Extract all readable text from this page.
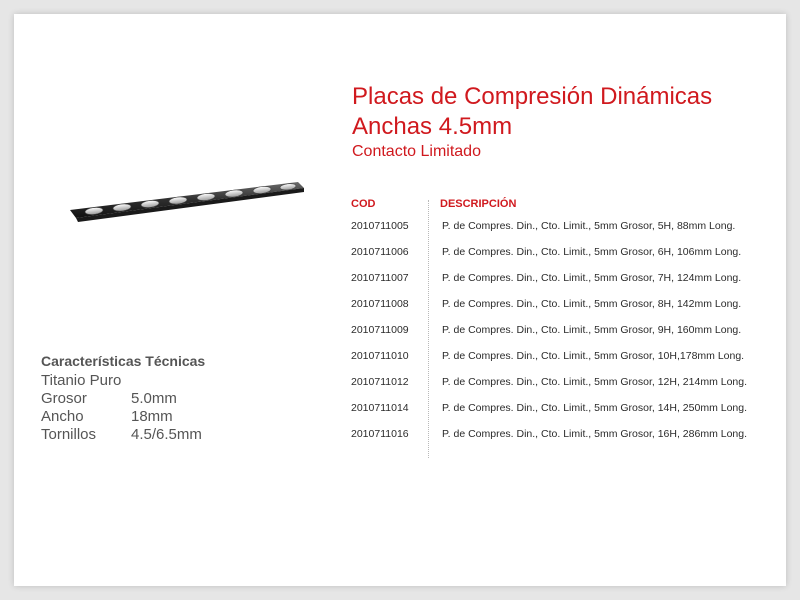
Placas de Compresión Dinámicas Anchas 4.5mm
Contacto Limitado
COD	DESCRIPCIÓN
2010711005	P. de Compres. Din., Cto. Limit., 5mm Grosor, 5H, 88mm Long.
2010711006	P. de Compres. Din., Cto. Limit., 5mm Grosor, 6H, 106mm Long.
2010711007	P. de Compres. Din., Cto. Limit., 5mm Grosor, 7H, 124mm Long.
2010711008	P. de Compres. Din., Cto. Limit., 5mm Grosor, 8H, 142mm Long.
2010711009	P. de Compres. Din., Cto. Limit., 5mm Grosor, 9H, 160mm Long.
2010711010	P. de Compres. Din., Cto. Limit., 5mm Grosor, 10H,178mm Long.
2010711012	P. de Compres. Din., Cto. Limit., 5mm Grosor, 12H, 214mm Long.
2010711014	P. de Compres. Din., Cto. Limit., 5mm Grosor, 14H, 250mm Long.
2010711016	P. de Compres. Din., Cto. Limit., 5mm Grosor, 16H, 286mm Long.
Características Técnicas
Titanio Puro
Grosor	5.0mm
Ancho	18mm
Tornillos 4.5/6.5mm
